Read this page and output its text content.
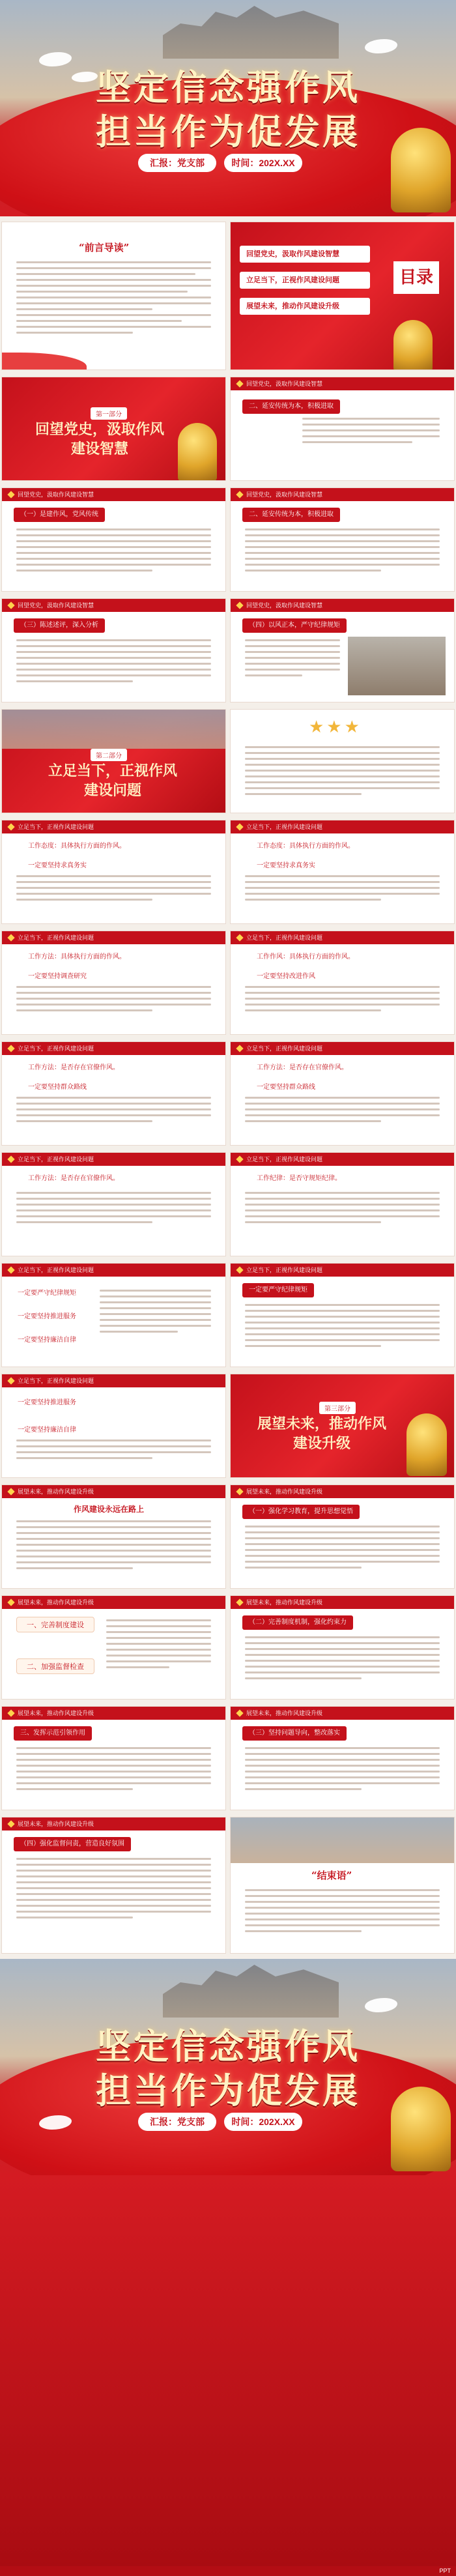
坚定信念强作风
担当作为促发展
汇报：党支部	时间：202X.XX
“前言导读”
回望党史，汲取作风建设智慧
立足当下，正视作风建设问题
展望未来，推动作风建设升级
目录
第一部分
回望党史，汲取作风
建设智慧
回望党史，汲取作风建设智慧
二、延安传统为本，积极进取
回望党史，汲取作风建设智慧
（一）是建作风，党风传统
回望党史，汲取作风建设智慧
二、延安传统为本，积极进取
回望党史，汲取作风建设智慧
（三）陈述述评，深入分析
回望党史，汲取作风建设智慧
（四）以风正本，严守纪律规矩
第二部分
立足当下，正视作风
建设问题
★★★
立足当下，正视作风建设问题
工作态度：具体执行方面的作风。
一定要坚持求真务实
立足当下，正视作风建设问题
工作态度：具体执行方面的作风。
一定要坚持求真务实
立足当下，正视作风建设问题
工作方法：具体执行方面的作风。
一定要坚持调查研究
立足当下，正视作风建设问题
工作作风：具体执行方面的作风。
一定要坚持改进作风
立足当下，正视作风建设问题
工作方法：是否存在官僚作风。
一定要坚持群众路线
立足当下，正视作风建设问题
工作方法：是否存在官僚作风。
一定要坚持群众路线
立足当下，正视作风建设问题
工作方法：是否存在官僚作风。
立足当下，正视作风建设问题
工作纪律：是否守规矩纪律。
立足当下，正视作风建设问题
一定要严守纪律规矩
一定要坚持推进服务
一定要坚持廉洁自律
立足当下，正视作风建设问题
一定要严守纪律规矩
立足当下，正视作风建设问题
一定要坚持推进服务
一定要坚持廉洁自律
第三部分
展望未来，推动作风
建设升级
展望未来，推动作风建设升级
作风建设永远在路上
展望未来，推动作风建设升级
（一）强化学习教育，提升思想觉悟
展望未来，推动作风建设升级
一、完善制度建设
二、加强监督检查
展望未来，推动作风建设升级
（二）完善制度机制，强化约束力
展望未来，推动作风建设升级
三、发挥示范引领作用
展望未来，推动作风建设升级
（三）坚持问题导向，整改落实
展望未来，推动作风建设升级
（四）强化监督问责，营造良好氛围
“结束语”
坚定信念强作风
担当作为促发展
汇报：党支部	时间：202X.XX
PPT
